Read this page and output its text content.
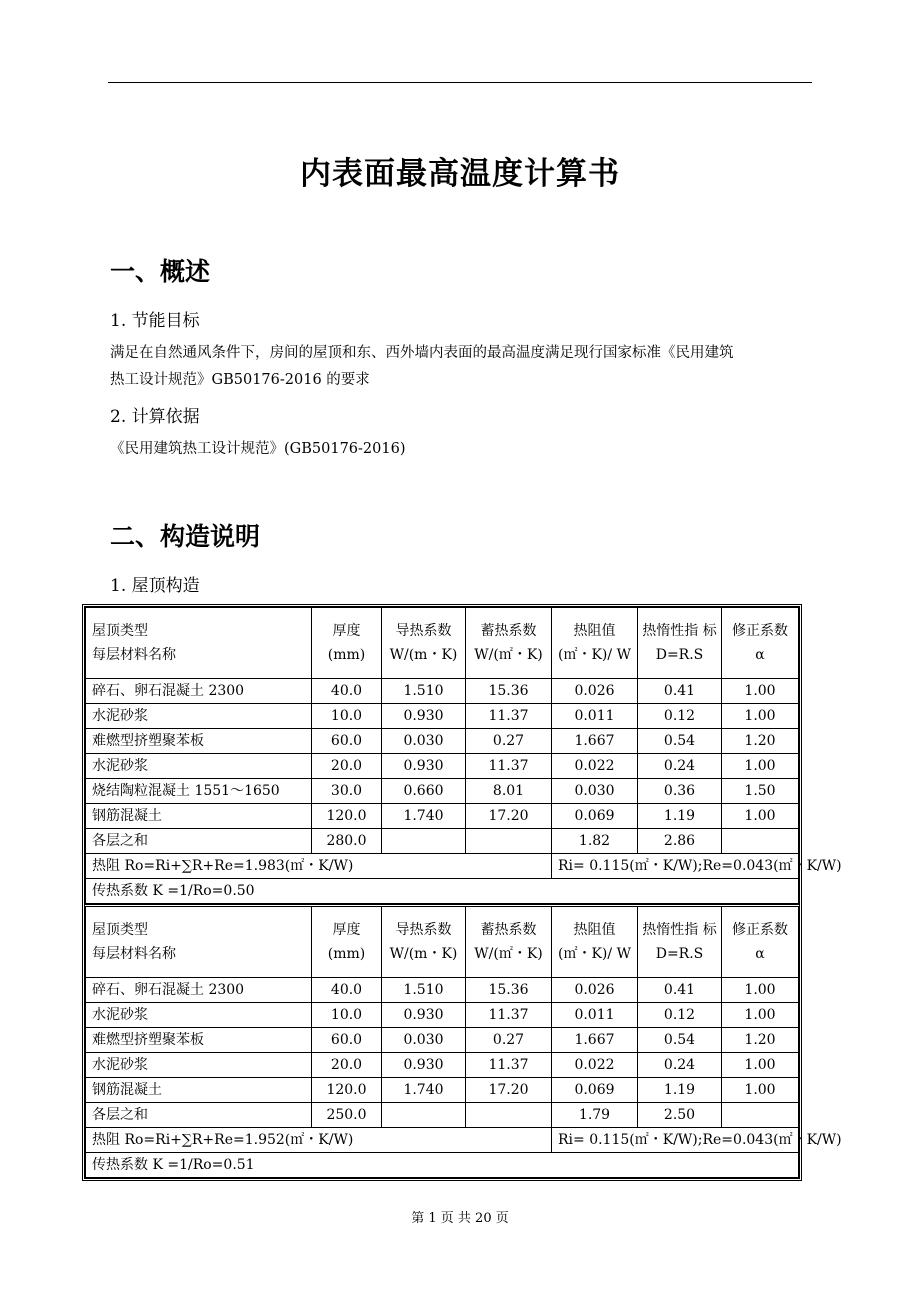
内表面最高温度计算书
一、概述
1. 节能目标
满足在自然通风条件下，房间的屋顶和东、西外墙内表面的最高温度满足现行国家标准《民用建筑
热工设计规范》GB50176-2016 的要求
2. 计算依据
《民用建筑热工设计规范》(GB50176-2016)
二、构造说明
1. 屋顶构造
屋顶类型
每层材料名称	厚度 (mm)	导热系数 W/(m・K)	蓄热系数 W/(㎡・K)	热阻值 (㎡・K)/ W	热惰性指 标 D=R.S	修正系数 α
碎石、卵石混凝土 2300	40.0	1.510	15.36	0.026	0.41	1.00
水泥砂浆	10.0	0.930	11.37	0.011	0.12	1.00
难燃型挤塑聚苯板	60.0	0.030	0.27	1.667	0.54	1.20
水泥砂浆	20.0	0.930	11.37	0.022	0.24	1.00
烧结陶粒混凝土 1551～1650	30.0	0.660	8.01	0.030	0.36	1.50
钢筋混凝土	120.0	1.740	17.20	0.069	1.19	1.00
各层之和	280.0			1.82	2.86	
热阻 Ro=Ri+∑R+Re=1.983(㎡・K/W)				Ri= 0.115(㎡・K/W);Re=0.043(㎡・K/W)		
传热系数 K =1/Ro=0.50						
屋顶类型
每层材料名称	厚度 (mm)	导热系数 W/(m・K)	蓄热系数 W/(㎡・K)	热阻值 (㎡・K)/ W	热惰性指 标 D=R.S	修正系数 α
碎石、卵石混凝土 2300	40.0	1.510	15.36	0.026	0.41	1.00
水泥砂浆	10.0	0.930	11.37	0.011	0.12	1.00
难燃型挤塑聚苯板	60.0	0.030	0.27	1.667	0.54	1.20
水泥砂浆	20.0	0.930	11.37	0.022	0.24	1.00
钢筋混凝土	120.0	1.740	17.20	0.069	1.19	1.00
各层之和	250.0			1.79	2.50	
热阻 Ro=Ri+∑R+Re=1.952(㎡・K/W)				Ri= 0.115(㎡・K/W);Re=0.043(㎡・K/W)		
传热系数 K =1/Ro=0.51						
第 1 页 共 20 页
